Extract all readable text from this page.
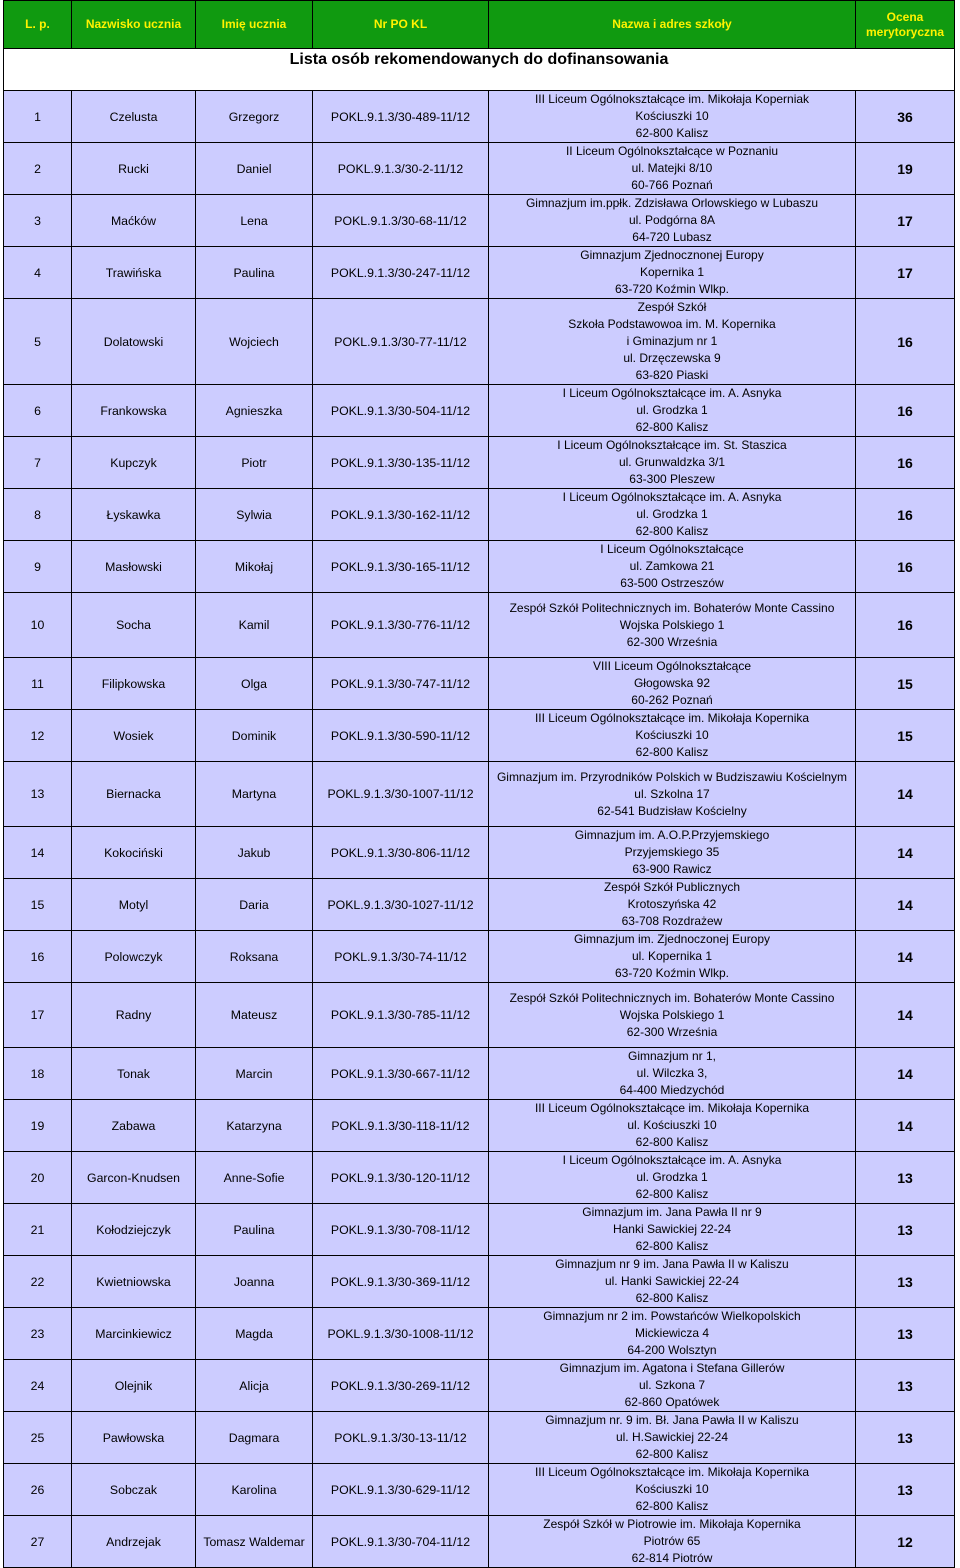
L. p.	Nazwisko ucznia	Imię ucznia	Nr PO KL	Nazwa i adres szkoły	Ocena merytoryczna
Lista osób rekomendowanych do dofinansowania					
1	Czelusta	Grzegorz	POKL.9.1.3/30-489-11/12	III Liceum Ogólnokształcące im. Mikołaja Koperniak
Kościuszki 10
62-800 Kalisz	36
2	Rucki	Daniel	POKL.9.1.3/30-2-11/12	II Liceum Ogólnokształcące w Poznaniu
ul. Matejki 8/10
60-766 Poznań	19
3	Maćków	Lena	POKL.9.1.3/30-68-11/12	Gimnazjum im.ppłk. Zdzisława Orlowskiego w Lubaszu
ul. Podgórna 8A
64-720 Lubasz	17
4	Trawińska	Paulina	POKL.9.1.3/30-247-11/12	Gimnazjum Zjednocznonej Europy
Kopernika 1
63-720 Koźmin Wlkp.	17
5	Dolatowski	Wojciech	POKL.9.1.3/30-77-11/12	Zespół Szkół
Szkoła Podstawowoa im. M. Kopernika
i Gminazjum nr 1
ul. Drzęczewska 9
63-820 Piaski	16
6	Frankowska	Agnieszka	POKL.9.1.3/30-504-11/12	I Liceum Ogólnokształcące im. A. Asnyka
ul. Grodzka 1
62-800 Kalisz	16
7	Kupczyk	Piotr	POKL.9.1.3/30-135-11/12	I Liceum Ogólnokształcące im. St. Staszica
ul. Grunwaldzka 3/1
63-300 Pleszew	16
8	Łyskawka	Sylwia	POKL.9.1.3/30-162-11/12	I Liceum Ogólnokształcące im. A. Asnyka
ul. Grodzka 1
62-800 Kalisz	16
9	Masłowski	Mikołaj	POKL.9.1.3/30-165-11/12	I Liceum Ogólnokształcące
ul. Zamkowa 21
63-500 Ostrzeszów	16
10	Socha	Kamil	POKL.9.1.3/30-776-11/12	Zespół Szkół Politechnicznych im. Bohaterów Monte Cassino
Wojska Polskiego 1
62-300 Września	16
11	Filipkowska	Olga	POKL.9.1.3/30-747-11/12	VIII Liceum Ogólnokształcące
Głogowska 92
60-262 Poznań	15
12	Wosiek	Dominik	POKL.9.1.3/30-590-11/12	III Liceum Ogólnokształcące im. Mikołaja Kopernika
Kościuszki 10
62-800 Kalisz	15
13	Biernacka	Martyna	POKL.9.1.3/30-1007-11/12	Gimnazjum im. Przyrodników Polskich w Budziszawiu Kościelnym
ul. Szkolna 17
62-541 Budzisław Kościelny	14
14	Kokociński	Jakub	POKL.9.1.3/30-806-11/12	Gimnazjum im. A.O.P.Przyjemskiego
Przyjemskiego 35
63-900 Rawicz	14
15	Motyl	Daria	POKL.9.1.3/30-1027-11/12	Zespół Szkół Publicznych
Krotoszyńska 42
63-708 Rozdrażew	14
16	Polowczyk	Roksana	POKL.9.1.3/30-74-11/12	Gimnazjum im. Zjednoczonej Europy
ul. Kopernika 1
63-720 Koźmin Wlkp.	14
17	Radny	Mateusz	POKL.9.1.3/30-785-11/12	Zespół Szkół Politechnicznych im. Bohaterów Monte Cassino
Wojska Polskiego 1
62-300 Września	14
18	Tonak	Marcin	POKL.9.1.3/30-667-11/12	Gimnazjum nr 1,
ul. Wilczka 3,
64-400 Miedzychód	14
19	Zabawa	Katarzyna	POKL.9.1.3/30-118-11/12	III Liceum Ogólnokształcące im. Mikołaja Kopernika
ul. Kościuszki 10
62-800 Kalisz	14
20	Garcon-Knudsen	Anne-Sofie	POKL.9.1.3/30-120-11/12	I Liceum Ogólnokształcące im. A. Asnyka
ul. Grodzka 1
62-800 Kalisz	13
21	Kołodziejczyk	Paulina	POKL.9.1.3/30-708-11/12	Gimnazjum im. Jana Pawła II nr 9
Hanki Sawickiej 22-24
62-800 Kalisz	13
22	Kwietniowska	Joanna	POKL.9.1.3/30-369-11/12	Gimnazjum nr 9 im. Jana Pawła II w Kaliszu
ul. Hanki Sawickiej 22-24
62-800 Kalisz	13
23	Marcinkiewicz	Magda	POKL.9.1.3/30-1008-11/12	Gimnazjum nr 2 im. Powstańców Wielkopolskich
Mickiewicza 4
64-200 Wolsztyn	13
24	Olejnik	Alicja	POKL.9.1.3/30-269-11/12	Gimnazjum im. Agatona i Stefana Gillerów
ul. Szkona 7
62-860 Opatówek	13
25	Pawłowska	Dagmara	POKL.9.1.3/30-13-11/12	Gimnazjum nr. 9 im. Bł. Jana Pawła II w Kaliszu
ul. H.Sawickiej 22-24
62-800 Kalisz	13
26	Sobczak	Karolina	POKL.9.1.3/30-629-11/12	III Liceum Ogólnokształcące im. Mikołaja Kopernika
Kościuszki 10
62-800 Kalisz	13
27	Andrzejak	Tomasz Waldemar	POKL.9.1.3/30-704-11/12	Zespół Szkół w Piotrowie im. Mikołaja Kopernika
Piotrów 65
62-814 Piotrów	12
